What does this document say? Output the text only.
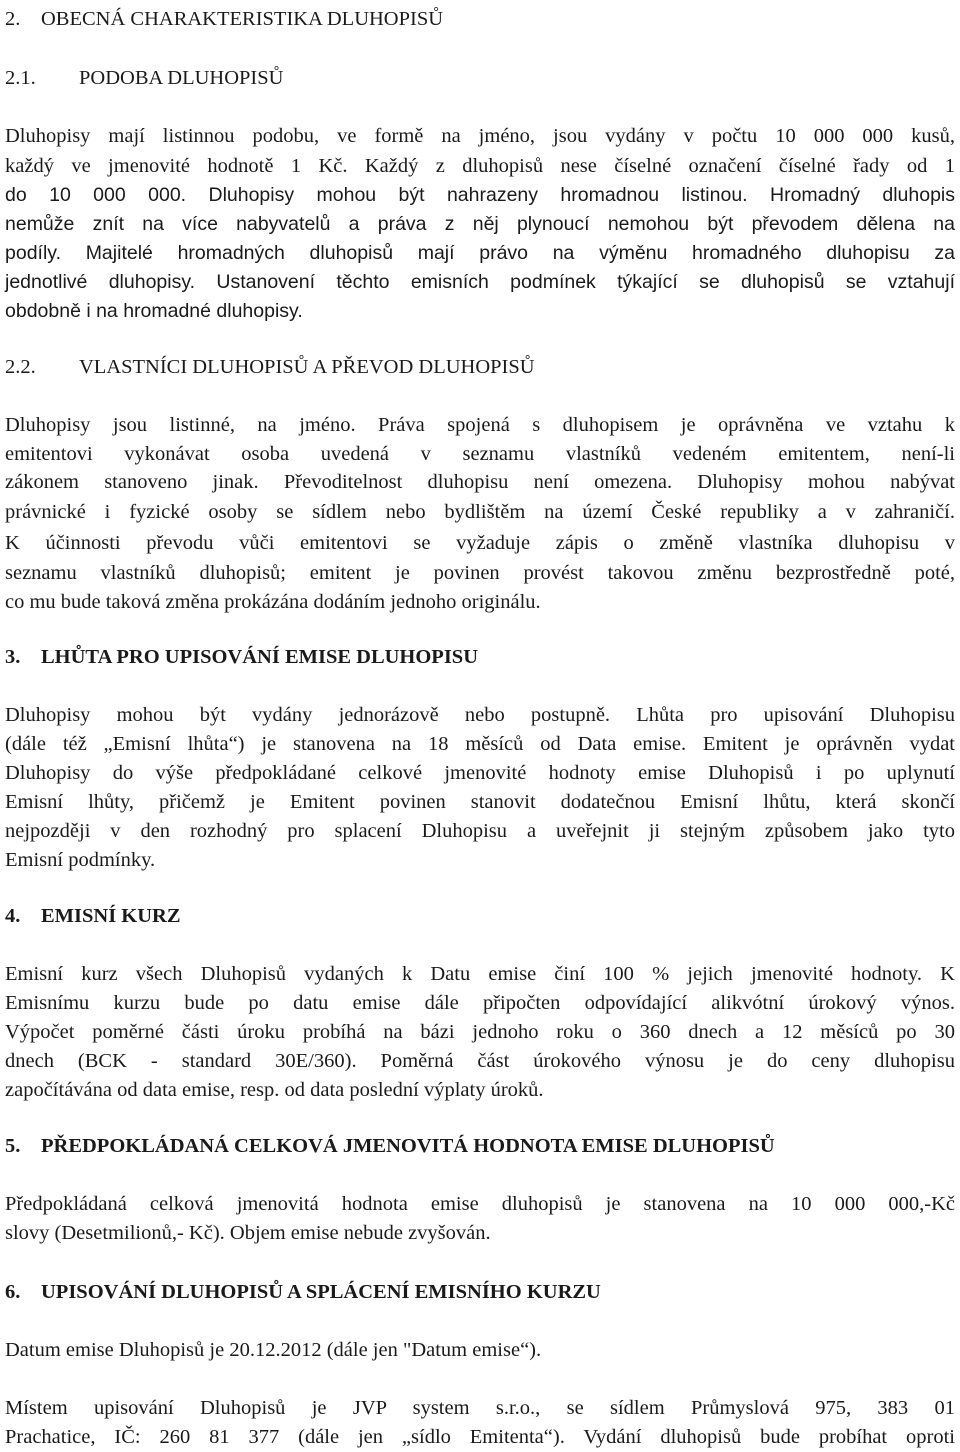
2. OBECNÁ CHARAKTERISTIKA DLUHOPISŮ
2.1. PODOBA DLUHOPISŮ
Dluhopisy mají listinnou podobu, ve formě na jméno, jsou vydány v počtu 10 000 000 kusů,
každý ve jmenovité hodnotě 1 Kč. Každý z dluhopisů nese číselné označení číselné řady od 1
do 10 000 000. Dluhopisy mohou být nahrazeny hromadnou listinou. Hromadný dluhopis
nemůže znít na více nabyvatelů a práva z něj plynoucí nemohou být převodem dělena na
podíly. Majitelé hromadných dluhopisů mají právo na výměnu hromadného dluhopisu za
jednotlivé dluhopisy. Ustanovení těchto emisních podmínek týkající se dluhopisů se vztahují
obdobně i na hromadné dluhopisy.
2.2. VLASTNÍCI DLUHOPISŮ A PŘEVOD DLUHOPISŮ
Dluhopisy jsou listinné, na jméno. Práva spojená s dluhopisem je oprávněna ve vztahu k
emitentovi vykonávat osoba uvedená v seznamu vlastníků vedeném emitentem, není-li
zákonem stanoveno jinak. Převoditelnost dluhopisu není omezena. Dluhopisy mohou nabývat
právnické i fyzické osoby se sídlem nebo bydlištěm na území České republiky a v zahraničí.
K účinnosti převodu vůči emitentovi se vyžaduje zápis o změně vlastníka dluhopisu v
seznamu vlastníků dluhopisů; emitent je povinen provést takovou změnu bezprostředně poté,
co mu bude taková změna prokázána dodáním jednoho originálu.
3. LHŮTA PRO UPISOVÁNÍ EMISE DLUHOPISU
Dluhopisy mohou být vydány jednorázově nebo postupně. Lhůta pro upisování Dluhopisu
(dále též „Emisní lhůta“) je stanovena na 18 měsíců od Data emise. Emitent je oprávněn vydat
Dluhopisy do výše předpokládané celkové jmenovité hodnoty emise Dluhopisů i po uplynutí
Emisní lhůty, přičemž je Emitent povinen stanovit dodatečnou Emisní lhůtu, která skončí
nejpozději v den rozhodný pro splacení Dluhopisu a uveřejnit ji stejným způsobem jako tyto
Emisní podmínky.
4. EMISNÍ KURZ
Emisní kurz všech Dluhopisů vydaných k Datu emise činí 100 % jejich jmenovité hodnoty. K
Emisnímu kurzu bude po datu emise dále připočten odpovídající alikvótní úrokový výnos.
Výpočet poměrné části úroku probíhá na bázi jednoho roku o 360 dnech a 12 měsíců po 30
dnech (BCK - standard 30E/360). Poměrná část úrokového výnosu je do ceny dluhopisu
započítávána od data emise, resp. od data poslední výplaty úroků.
5. PŘEDPOKLÁDANÁ CELKOVÁ JMENOVITÁ HODNOTA EMISE DLUHOPISŮ
Předpokládaná celková jmenovitá hodnota emise dluhopisů je stanovena na 10 000 000,-Kč
slovy (Desetmilionů,- Kč). Objem emise nebude zvyšován.
6. UPISOVÁNÍ DLUHOPISŮ A SPLÁCENÍ EMISNÍHO KURZU
Datum emise Dluhopisů je 20.12.2012 (dále jen "Datum emise“).
Místem upisování Dluhopisů je JVP system s.r.o., se sídlem Průmyslová 975, 383 01
Prachatice, IČ: 260 81 377 (dále jen „sídlo Emitenta“). Vydání dluhopisů bude probíhat oproti
